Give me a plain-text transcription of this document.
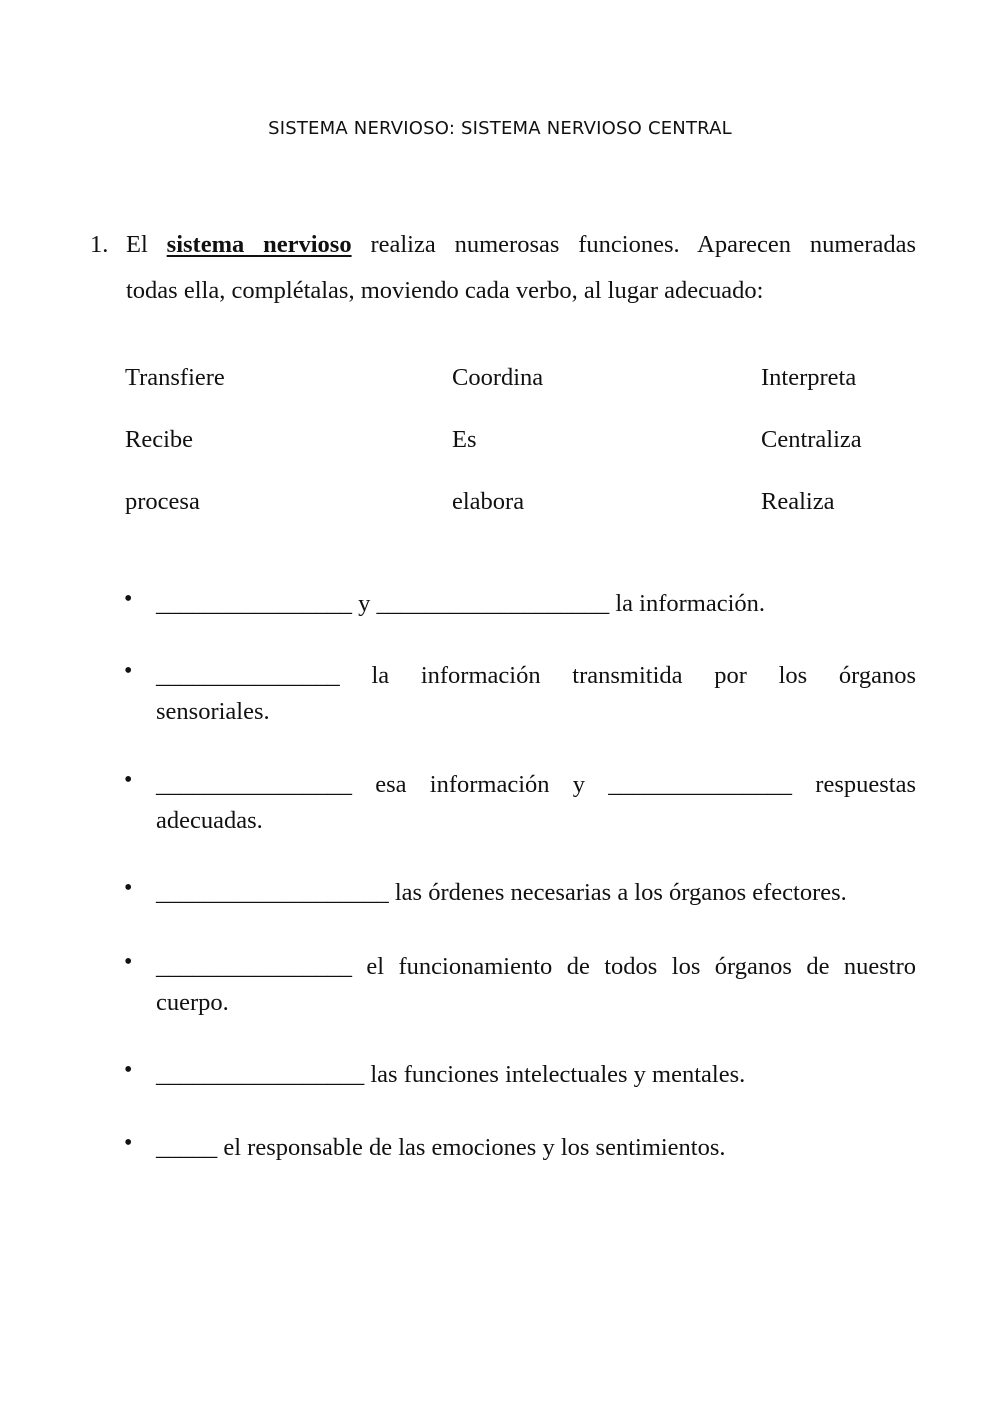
SISTEMA NERVIOSO: SISTEMA NERVIOSO CENTRAL
1. El sistema nervioso realiza numerosas funciones. Aparecen numeradas
todas ella, complétalas, moviendo cada verbo, al lugar adecuado:
Transfiere	Coordina	Interpreta
Recibe	Es	Centraliza
procesa	elabora	Realiza
• ________________ y ___________________ la información.
• _______________ la información transmitida por los órganos
sensoriales.
• ________________ esa información y _______________ respuestas
adecuadas.
• ___________________ las órdenes necesarias a los órganos efectores.
• ________________ el funcionamiento de todos los órganos de nuestro
cuerpo.
• _________________ las funciones intelectuales y mentales.
• _____ el responsable de las emociones y los sentimientos.
